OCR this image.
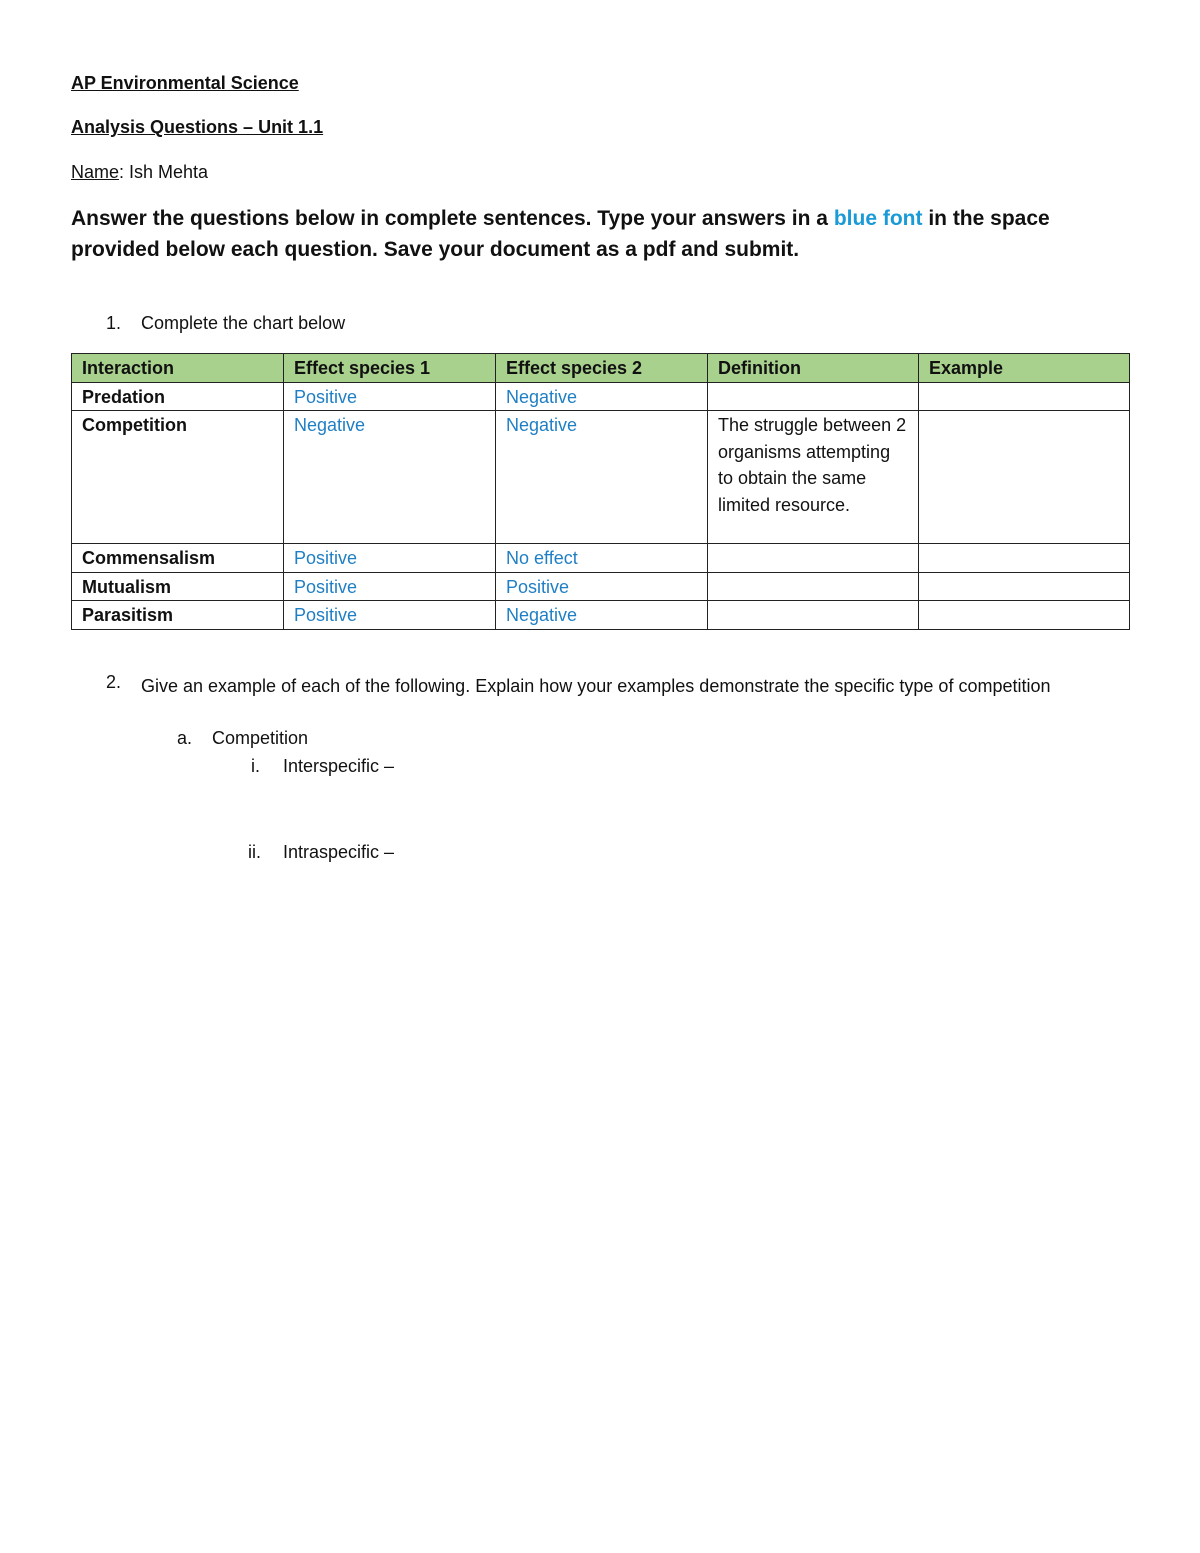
AP Environmental Science
Analysis Questions – Unit 1.1
Name: Ish Mehta
Answer the questions below in complete sentences. Type your answers in a blue font in the space provided below each question. Save your document as a pdf and submit.
1. Complete the chart below
Interaction	Effect species 1	Effect species 2	Definition	Example
Predation	Positive	Negative		
Competition	Negative	Negative	The struggle between 2 organisms attempting to obtain the same limited resource.	
Commensalism	Positive	No effect		
Mutualism	Positive	Positive		
Parasitism	Positive	Negative		
2. Give an example of each of the following. Explain how your examples demonstrate the specific type of competition
a. Competition
i. Interspecific –
ii. Intraspecific –
